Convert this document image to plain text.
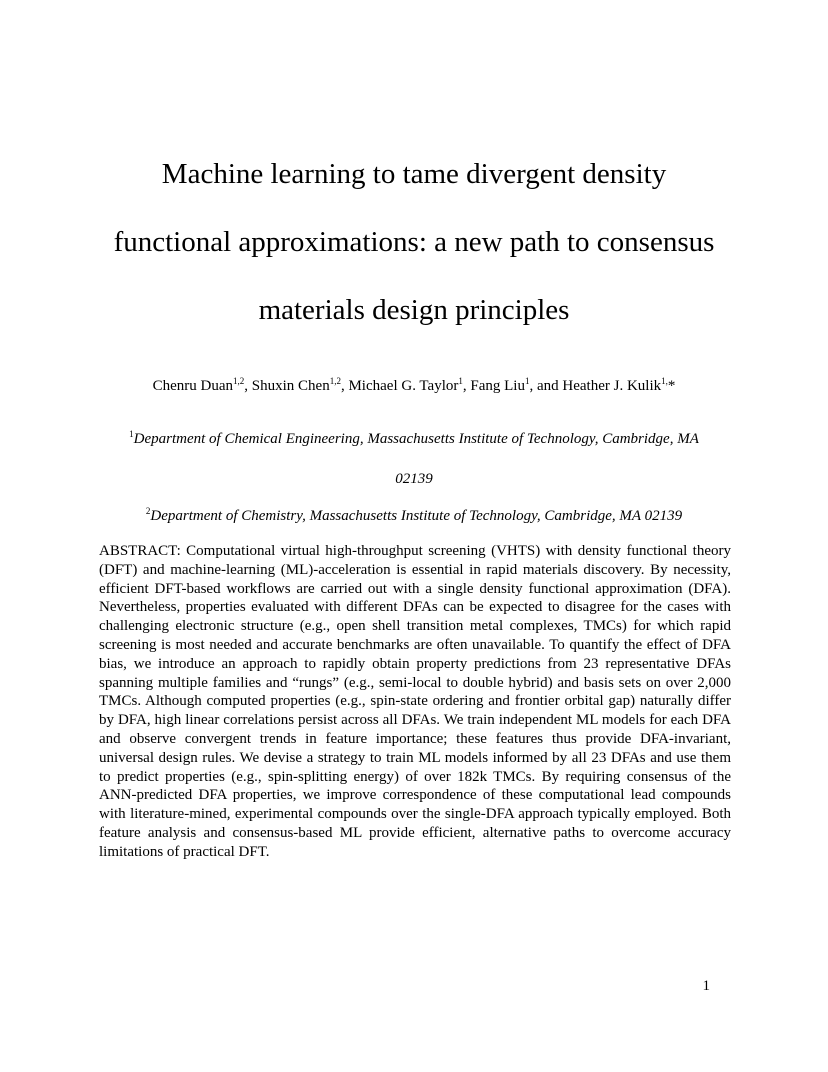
Machine learning to tame divergent density
functional approximations: a new path to consensus
materials design principles
Chenru Duan$^{1,2}$, Shuxin Chen$^{1,2}$, Michael G. Taylor$^1$, Fang Liu$^1$, and Heather J. Kulik$^{1,}$*
$^1$Department of Chemical Engineering, Massachusetts Institute of Technology, Cambridge, MA
02139
$^2$Department of Chemistry, Massachusetts Institute of Technology, Cambridge, MA 02139

ABSTRACT: Computational virtual high-throughput screening (VHTS) with density functional theory (DFT) and machine-learning (ML)-acceleration is essential in rapid materials discovery. By necessity, efficient DFT-based workflows are carried out with a single density functional approximation (DFA). Nevertheless, properties evaluated with different DFAs can be expected to disagree for the cases with challenging electronic structure (e.g., open shell transition metal complexes, TMCs) for which rapid screening is most needed and accurate benchmarks are often unavailable. To quantify the effect of DFA bias, we introduce an approach to rapidly obtain property predictions from 23 representative DFAs spanning multiple families and “rungs” (e.g., semi-local to double hybrid) and basis sets on over 2,000 TMCs. Although computed properties (e.g., spin-state ordering and frontier orbital gap) naturally differ by DFA, high linear correlations persist across all DFAs. We train independent ML models for each DFA and observe convergent trends in feature importance; these features thus provide DFA-invariant, universal design rules. We devise a strategy to train ML models informed by all 23 DFAs and use them to predict properties (e.g., spin-splitting energy) of over 182k TMCs. By requiring consensus of the ANN-predicted DFA properties, we improve correspondence of these computational lead compounds with literature-mined, experimental compounds over the single-DFA approach typically employed. Both feature analysis and consensus-based ML provide efficient, alternative paths to overcome accuracy limitations of practical DFT.

1
